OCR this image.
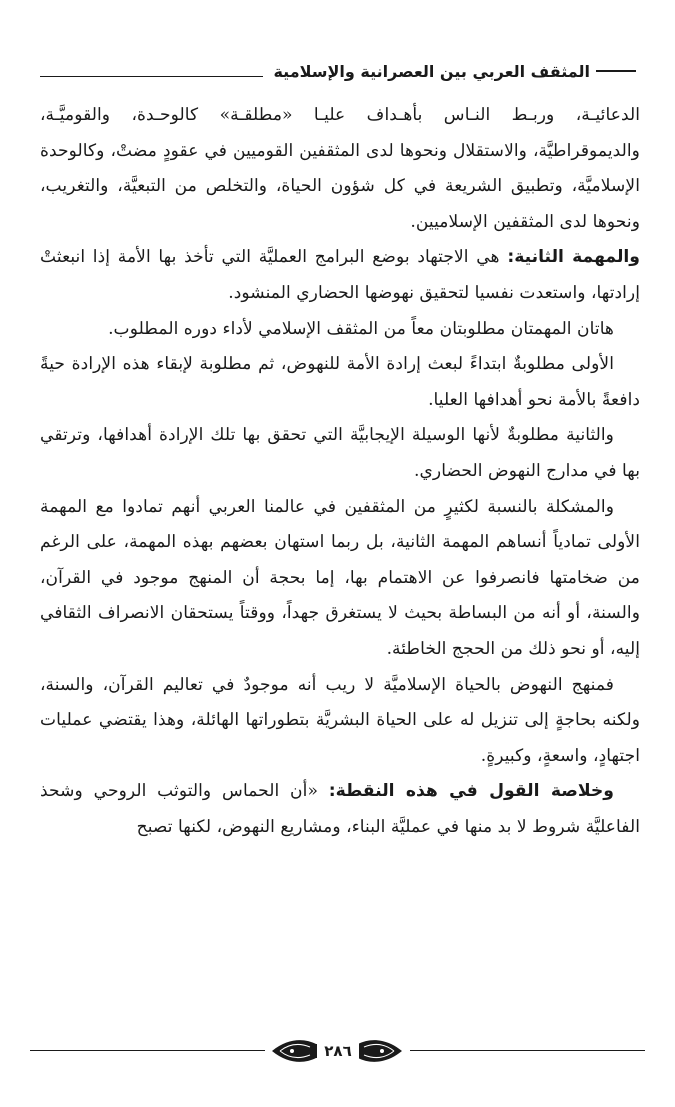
المثقف العربي بين العصرانية والإسلامية

الدعائيـة، وربـط النـاس بأهـداف عليـا «مطلقـة» كالوحـدة، والقوميَّـة، والديموقراطيَّة، والاستقلال ونحوها لدى المثقفين القوميين في عقودٍ مضتْ، وكالوحدة الإسلاميَّة، وتطبيق الشريعة في كل شؤون الحياة، والتخلص من التبعيَّة، والتغريب، ونحوها لدى المثقفين الإسلاميين.

والمهمة الثانية: هي الاجتهاد بوضع البرامج العمليَّة التي تأخذ بها الأمة إذا انبعثتْ إرادتها، واستعدت نفسيا لتحقيق نهوضها الحضاري المنشود.

هاتان المهمتان مطلوبتان معاً من المثقف الإسلامي لأداء دوره المطلوب.

الأولى مطلوبةٌ ابتداءً لبعث إرادة الأمة للنهوض، ثم مطلوبة لإبقاء هذه الإرادة حيةً دافعةً بالأمة نحو أهدافها العليا.

والثانية مطلوبةٌ لأنها الوسيلة الإيجابيَّة التي تحقق بها تلك الإرادة أهدافها، وترتقي بها في مدارج النهوض الحضاري.

والمشكلة بالنسبة لكثيرٍ من المثقفين في عالمنا العربي أنهم تمادوا مع المهمة الأولى تمادياً أنساهم المهمة الثانية، بل ربما استهان بعضهم بهذه المهمة، على الرغم من ضخامتها فانصرفوا عن الاهتمام بها، إما بحجة أن المنهج موجود في القرآن، والسنة، أو أنه من البساطة بحيث لا يستغرق جهداً، ووقتاً يستحقان الانصراف الثقافي إليه، أو نحو ذلك من الحجج الخاطئة.

فمنهج النهوض بالحياة الإسلاميَّة لا ريب أنه موجودٌ في تعاليم القرآن، والسنة، ولكنه بحاجةٍ إلى تنزيل له على الحياة البشريَّة بتطوراتها الهائلة، وهذا يقتضي عمليات اجتهادٍ، واسعةٍ، وكبيرةٍ.

وخلاصة القول في هذه النقطة: «أن الحماس والتوثب الروحي وشحذ الفاعليَّة شروط لا بد منها في عمليَّة البناء، ومشاريع النهوض، لكنها تصبح

٢٨٦
